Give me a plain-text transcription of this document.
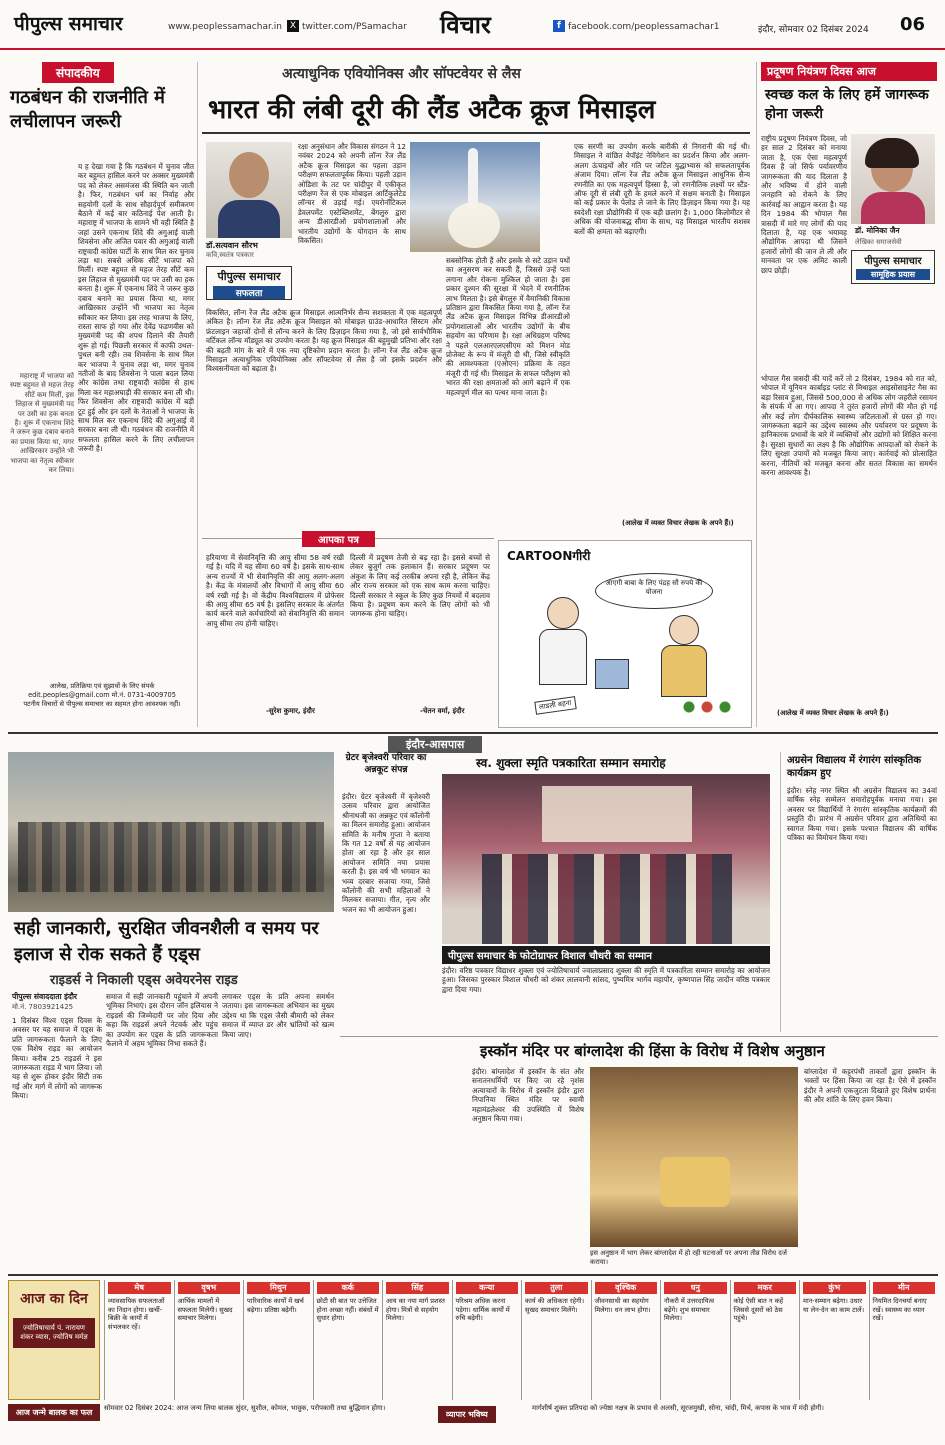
पीपुल्स समाचार	www.peoplessamachar.in X twitter.com/PSamachar विचार	f facebook.com/peoplessamachar1	इंदौर, सोमवार 02 दिसंबर 2024 06
संपादकीय
गठबंधन की राजनीति में लचीलापन जरूरी
य ह देखा गया है कि गठबंधन में चुनाव जीत कर बहुमत हासिल करने पर अक्सर मुख्यमंत्री पद को लेकर असमंजस की स्थिति बन जाती है। फिर, गठबंधन धर्म का निर्वाह और सहयोगी दलों के साथ सौहार्दपूर्ण समीकरण बैठाने में कई बार कठिनाई पेश आती है। महाराष्ट्र में भाजपा के सामने भी वही स्थिति है जहां उसने एकनाथ शिंदे की अगुआई वाली शिवसेना और अजित पवार की अगुआई वाली राष्ट्रवादी कांग्रेस पार्टी के साथ मिल कर चुनाव लड़ा था। सबसे अधिक सीटें भाजपा को मिलीं। स्पष्ट बहुमत से महज तेरह सीटें कम इस लिहाज से मुख्यमंत्री पद पर उसी का हक बनता है। शुरू में एकनाथ शिंदे ने जरूर कुछ दबाव बनाने का प्रयास किया था, मगर आखिरकार उन्होंने भी भाजपा का नेतृत्व स्वीकार कर लिया। इस तरह भाजपा के लिए, रास्ता साफ हो गया और देवेंद्र फडणवीस को मुख्यमंत्री पद की शपथ दिलाने की तैयारी शुरू हो गई। पिछली सरकार में काफी उथल-पुथल बनी रही। तब शिवसेना के साथ मिल कर भाजपा ने चुनाव लड़ा था, मगर चुनाव नतीजों के बाद शिवसेना ने पाला बदल लिया और कांग्रेस तथा राष्ट्रवादी कांग्रेस से हाथ मिला कर महाअघाड़ी की सरकार बना ली थी। फिर शिवसेना और राष्ट्रवादी कांग्रेस में बड़ी टूट हुई और इन दलों के नेताओं ने भाजपा के साथ मिल कर एकनाथ शिंदे की अगुआई में सरकार बना ली थी। गठबंधन की राजनीति में सफलता हासिल करने के लिए लचीलापन जरूरी है।
महाराष्ट्र में भाजपा को स्पष्ट बहुमत से महज तेरह सीटें कम मिलीं, इस लिहाज से मुख्यमंत्री पद पर उसी का हक बनता है। शुरू में एकनाथ शिंदे ने जरूर कुछ दबाव बनाने का प्रयास किया था, मगर आखिरकार उन्होंने भी भाजपा का नेतृत्व स्वीकार कर लिया।
आलेख, प्रतिक्रिया एवं सुझावों के लिए संपर्क
edit.peoples@gmail.com मो.नं. 0731-4009705
पटनीय विचारों से पीपुल्स समाचार का सहमत होना आवश्यक नहीं।
अत्याधुनिक एवियोनिक्स और सॉफ्टवेयर से लैस
भारत की लंबी दूरी की लैंड अटैक क्रूज मिसाइल
डॉ.सत्यवान सौरभ
कवि,स्वतंत्र पत्रकार
पीपुल्स समाचार
सफलता
रक्षा अनुसंधान और विकास संगठन ने 12 नवंबर 2024 को अपनी लॉन्ग रेंज लैंड अटैक क्रूज मिसाइल का पहला उड़ान परीक्षण सफलतापूर्वक किया। पहली उड़ान ओडिशा के तट पर चांदीपुर में एकीकृत परीक्षण रेंज से एक मोबाइल आर्टिकुलेटेड लॉन्चर से उड़ाई गई। एयरोनॉटिकल डेवलपमेंट एस्टेब्लिशमेंट, बेंगलुरु द्वारा अन्य डीआरडीओ प्रयोगशालाओं और भारतीय उद्योगों के योगदान के साथ विकसित।
विकसित, लॉन्ग रेंज लैंड अटैक क्रूज मिसाइल आत्मनिर्भर सैन्य सशक्तता में एक महत्वपूर्ण अंकित है। लॉन्ग रेंज लैंड अटैक क्रूज मिसाइल को मोबाइल ग्राउंड-आधारित सिस्टम और फ्रंटलाइन जहाजों दोनों से लॉन्च करने के लिए डिज़ाइन किया गया है, जो इसे सार्वभौमिक वर्टिकल लॉन्च मॉड्यूल का उपयोग करता है। यह क्रूज मिसाइल की बहुमुखी प्रतिभा और रक्षा की बढ़ती मांग के बारे में एक नया दृष्टिकोण प्रदान करता है। लॉन्ग रेंज लैंड अटैक क्रूज मिसाइल अत्याधुनिक एवियोनिक्स और सॉफ्टवेयर से लैस है जो इसके प्रदर्शन और विश्वसनीयता को बढ़ाता है।
सबसोनिक होती हैं और इसके से सटे उड़ान पथों का अनुसरण कर सकती हैं, जिससे उन्हें पता लगाना और रोकना मुश्किल हो जाता है। इस प्रकार दुश्मन की सुरक्षा में भेदने में रणनीतिक लाभ मिलता है। इसे बेंगलुरु में वैमानिकी विकास प्रतिष्ठान द्वारा विकसित किया गया है, लॉन्ग रेंज लैंड अटैक क्रूज मिसाइल विभिन्न डीआरडीओ प्रयोगशालाओं और भारतीय उद्योगों के बीच सहयोग का परिणाम है। रक्षा अधिग्रहण परिषद ने पहले एलआरएलएसीएम को मिशन मोड प्रोजेक्ट के रूप में मंजूरी दी थी, जिसे स्वीकृति की आवश्यकता (एओएन) प्रक्रिया के तहत मंजूरी दी गई थी। मिसाइल के सफल परीक्षण को भारत की रक्षा क्षमताओं को आगे बढ़ाने में एक महत्वपूर्ण मील का पत्थर माना जाता है।
एक सरणी का उपयोग करके बारीकी से निगरानी की गई थी। मिसाइल ने वांछित वेपॉइंट नेविगेशन का प्रदर्शन किया और अलग-अलग ऊंचाइयों और गति पर जटिल युद्धाभ्यास को सफलतापूर्वक अंजाम दिया। लॉन्ग रेंज लैंड अटैक क्रूज मिसाइल आधुनिक सैन्य रणनीति का एक महत्वपूर्ण हिस्सा है, जो रणनीतिक लक्ष्यों पर स्टैंड-ऑफ दूरी से लंबी दूरी के हमले करने में सक्षम बनाती है। मिसाइल को कई प्रकार के पेलोड ले जाने के लिए डिज़ाइन किया गया है। यह स्वदेशी रक्षा प्रौद्योगिकी में एक बड़ी छलांग है। 1,000 किलोमीटर से अधिक की योजनाबद्ध सीमा के साथ, यह मिसाइल भारतीय सशस्त्र बलों की क्षमता को बढ़ाएगी।
(आलेख में व्यक्त विचार लेखक के अपने हैं।)
प्रदूषण नियंत्रण दिवस आज
स्वच्छ कल के लिए हमें जागरूक होना जरूरी
राष्ट्रीय प्रदूषण नियंत्रण दिवस, जो हर साल 2 दिसंबर को मनाया जाता है, एक ऐसा महत्वपूर्ण दिवस है जो सिर्फ पर्यावरणीय जागरूकता की याद दिलाता है और भविष्य में होने वाली जनहानि को रोकने के लिए कार्रवाई का आह्वान करता है। यह दिन 1984 की भोपाल गैस त्रासदी में मारे गए लोगों की याद दिलाता है, यह एक भयावह औद्योगिक आपदा थी जिसने हजारों लोगों की जान ले ली और मानवता पर एक अमिट काली छाप छोड़ी।
डॉ. मोनिका जैन
लेखिका समाजसेवी
पीपुल्स समाचार
सामूहिक प्रयास
भोपाल गैस त्रासदी की यादें करें तो 2 दिसंबर, 1984 को रात को, भोपाल में यूनियन कार्बाइड प्लांट से मिथाइल आइसोसाइनेट गैस का बड़ा रिसाव हुआ, जिससे 500,000 से अधिक लोग जहरीले रसायन के संपर्क में आ गए। आपदा ने तुरंत हजारों लोगों की मौत हो गई और कई लोग दीर्घकालिक स्वास्थ्य जटिलताओं से ग्रस्त हो गए। जागरूकता बढ़ाने का उद्देश्य स्वास्थ्य और पर्यावरण पर प्रदूषण के हानिकारक प्रभावों के बारे में व्यक्तियों और उद्योगों को शिक्षित करना है। सुरक्षा सुधारों का लक्ष्य है कि औद्योगिक आपदाओं को रोकने के लिए सुरक्षा उपायों को मजबूत किया जाए। कार्रवाई को प्रोत्साहित करना, नीतियों को मजबूत करना और सतत विकास का समर्थन करना आवश्यक है।
(आलेख में व्यक्त विचार लेखक के अपने हैं।)
आपका पत्र
हरियाणा में सेवानिवृत्ति की आयु सीमा 58 वर्ष रखी गई है। यदि में यह सीमा 60 वर्ष है। इसके साथ-साथ अन्य राज्यों में भी सेवानिवृत्ति की आयु अलग-अलग है। केंद्र के मंत्रालयों और विभागों में आयु सीमा 60 वर्ष रखी गई है। वो केंद्रीय विश्वविद्यालय में प्रोफेसर की आयु सीमा 65 वर्ष है। इसलिए सरकार के अंतर्गत कार्य करने वाले कर्मचारियों को सेवानिवृत्ति की समान आयु सीमा तय होनी चाहिए।
-सुरेश कुमार, इंदौर
दिल्ली में प्रदूषण तेजी से बढ़ रहा है। इससे बच्चों से लेकर बुजुर्ग तक हलाकान हैं। सरकार प्रदूषण पर अंकुश के लिए कई तरकीब अपना रही है, लेकिन केंद्र और राज्य सरकार को एक साथ काम करना चाहिए। दिल्ली सरकार ने स्कूल के लिए कुछ नियमों में बदलाव किया है। प्रदूषण कम करने के लिए लोगों को भी जागरूक होना चाहिए।
-चेतन वर्मा, इंदौर
CARTOONगीरी
आएगी बाबा के लिए पंद्रह सौ रुपये की योजना
लाडली बहना
इंदौर-आसपास
सही जानकारी, सुरक्षित जीवनशैली व समय पर इलाज से रोक सकते हैं एड्स
राइडर्स ने निकाली एड्स अवेयरनेस राइड
पीपुल्स संवाददाता इंदौर
मो.नं. 7803921425
1 दिसंबर विश्व एड्स दिवस के अवसर पर यह समाज में एड्स के प्रति जागरूकता फैलाने के लिए एक विशेष राइड का आयोजन किया। करीब 25 राइडर्स ने इस जागरूकता राइड में भाग लिया। जो यह से शुरू होकर इंदौर सिटी तक गई और मार्ग में लोगों को जागरूक किया।
समाज में सही जानकारी पहुंचाने में अपनी भूमिका निभाएं। इस दौरान जॉन इलियास ने राइडर्स की जिम्मेदारी पर जोर दिया और कहा कि राइडर्स अपने नेटवर्क और पहुंच का उपयोग कर एड्स के प्रति जागरूकता फैलाने में अहम भूमिका निभा सकते हैं।
लगाकर एड्स के प्रति अपना समर्थन जताया। इस जागरूकता अभियान का मुख्य उद्देश्य था कि एड्स जैसी बीमारी को लेकर समाज में व्याप्त डर और भ्रांतियों को खत्म किया जाए।
ग्रेटर बृजेश्वरी परिवार का अन्नकूट संपन्न
इंदौर। ग्रेटर बृजेश्वरी में बृजेश्वरी उत्सव परिवार द्वारा आयोजित श्रीनाथजी का अन्नकूट एवं कॉलोनी का मिलन समारोह हुआ। आयोजन समिति के मनीष गुप्ता ने बताया कि गत 12 वर्षों से यह आयोजन होता आ रहा है और हर साल आयोजन समिति नया प्रयास करती है। इस वर्ष भी भगवान का भव्य दरबार सजाया गया, जिसे कॉलोनी की सभी महिलाओं ने मिलकर सजाया। गीत, नृत्य और भजन का भी आयोजन हुआ।
स्व. शुक्ला स्मृति पत्रकारिता सम्मान समारोह
पीपुल्स समाचार के फोटोग्राफर विशाल चौधरी का सम्मान
इंदौर। वरिष्ठ पत्रकार विद्याधर शुक्ला एवं ज्योतिषाचार्य ज्वालाप्रसाद शुक्ला की स्मृति में पत्रकारिता सम्मान समारोह का आयोजन हुआ। जिसका पुरस्कार विशाल चौधरी को शंकर लालवानी सांसद, पुष्यमित्र भार्गव महापौर, कृष्णपाल सिंह जादौन वरिष्ठ पत्रकार द्वारा दिया गया।
अग्रसेन विद्यालय में रंगारंग सांस्कृतिक कार्यक्रम हुए
इंदौर। स्नेह नगर स्थित श्री अग्रसेन विद्यालय का 34वां वार्षिक स्नेह सम्मेलन समारोहपूर्वक मनाया गया। इस अवसर पर विद्यार्थियों ने रंगारंग सांस्कृतिक कार्यक्रमों की प्रस्तुति दी। प्रारंभ में अग्रसेन परिवार द्वारा अतिथियों का स्वागत किया गया। इसके पश्चात विद्यालय की वार्षिक पत्रिका का विमोचन किया गया।
इस्कॉन मंदिर पर बांग्लादेश की हिंसा के विरोध में विशेष अनुष्ठान
इंदौर। बांग्लादेश में इस्कॉन के संत और सनातनधर्मियों पर किए जा रहे नृशंस अत्याचारों के विरोध में इस्कॉन इंदौर द्वारा निपानिया स्थित मंदिर पर स्वामी महामंडलेश्वर की उपस्थिति में विशेष अनुष्ठान किया गया।
इस अनुष्ठान में भाग लेकर बांग्लादेश में हो रही घटनाओं पर अपना तीव्र विरोध दर्ज कराया।
बांग्लादेश में कट्टरपंथी ताकतों द्वारा इस्कॉन के भक्तों पर हिंसा किया जा रहा है। ऐसे में इस्कॉन इंदौर ने अपनी एकजुटता दिखाते हुए विशेष प्रार्थना की और शांति के लिए हवन किया।
आज का दिन
ज्योतिषाचार्य पं. नारायण शंकर व्यास, ज्योतिष मर्मज्ञ
मेष
व्यावसायिक सफलताओं का निदान होगा। खर्ची-बिक्री के कार्यों में संभलकर रहें।
वृषभ
आर्थिक मामलों में सफलता मिलेगी। सुखद समाचार मिलेगा।
मिथुन
पारिवारिक कार्यों में खर्च बढ़ेगा। प्रतिष्ठा बढ़ेगी।
कर्क
छोटी सी बात पर उत्तेजित होना अच्छा नहीं। संबंधों में सुधार होगा।
सिंह
आय का नया मार्ग प्रशस्त होगा। मित्रों से सहयोग मिलेगा।
कन्या
परिश्रम अधिक करना पड़ेगा। धार्मिक कार्यों में रुचि बढ़ेगी।
तुला
कार्य की अधिकता रहेगी। सुखद समाचार मिलेंगे।
वृश्चिक
जीवनसाथी का सहयोग मिलेगा। धन लाभ होगा।
धनु
नौकरी में उत्तरदायित्व बढ़ेंगे। शुभ समाचार मिलेगा।
मकर
कोई ऐसी बात न कहें जिससे दूसरों को ठेस पहुंचे।
कुंभ
मान-सम्मान बढ़ेगा। उधार या लेन-देन का काम टालें।
मीन
नियमित दिनचर्या बनाए रखें। स्वास्थ्य का ध्यान रखें।
आज जन्मे बालक का फल	सोमवार 02 दिसंबर 2024: आज जन्म लिया बालक सुंदर, सुशील, कोमल, भावुक, परोपकारी तथा बुद्धिमान होगा।
व्यापार भविष्य
मार्गशीर्ष शुक्ल प्रतिपदा को ज्येष्ठा नक्षत्र के प्रभाव से अलसी, सूरजमुखी, सोना, चांदी, मिर्च, कपास के भाव में मंदी होगी।
